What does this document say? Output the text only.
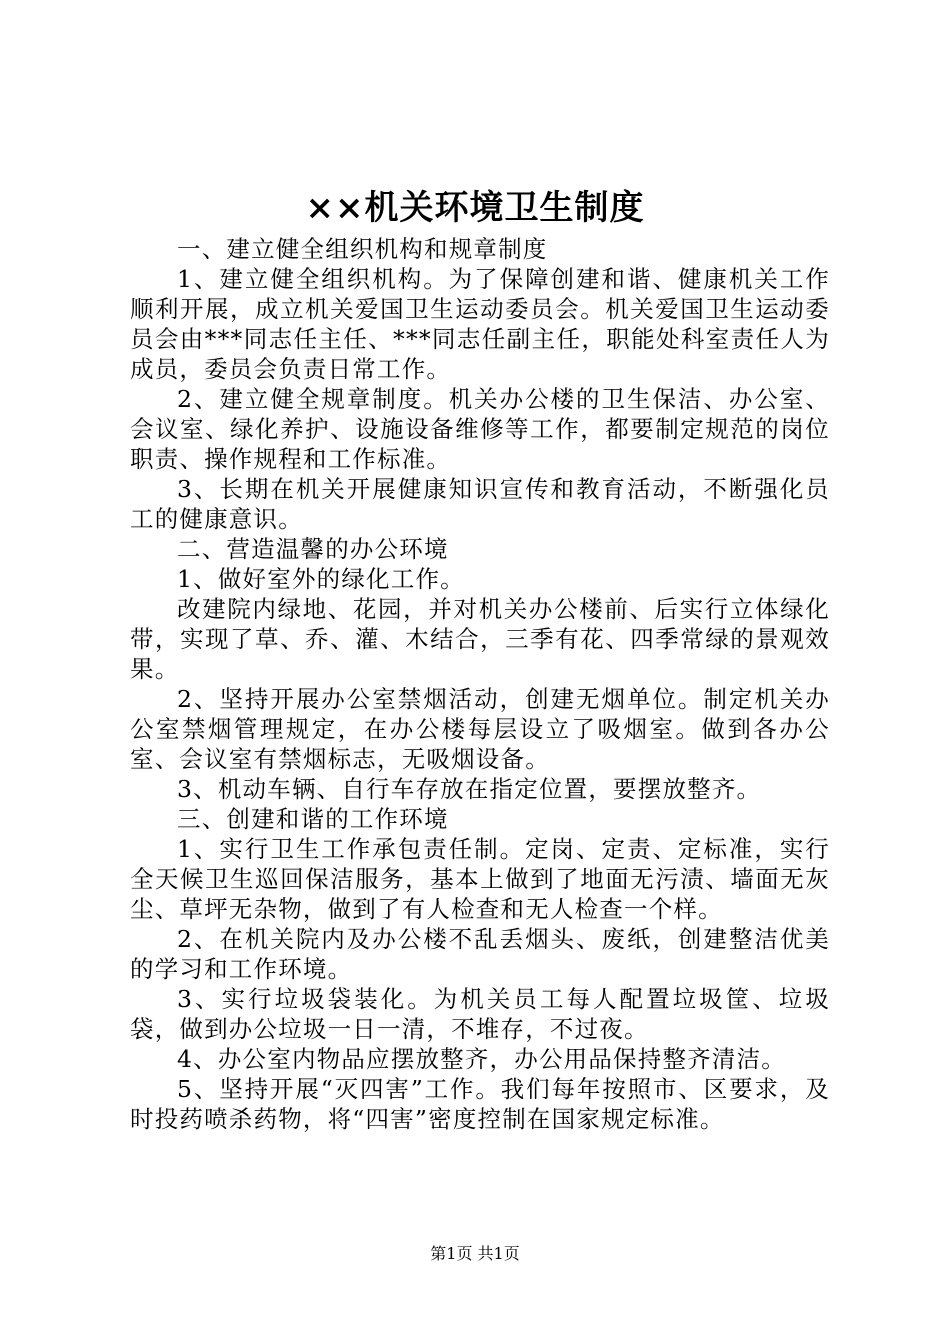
××机关环境卫生制度

一、建立健全组织机构和规章制度

1、建立健全组织机构。为了保障创建和谐、健康机关工作顺利开展，成立机关爱国卫生运动委员会。机关爱国卫生运动委员会由***同志任主任、***同志任副主任，职能处科室责任人为成员，委员会负责日常工作。

2、建立健全规章制度。机关办公楼的卫生保洁、办公室、会议室、绿化养护、设施设备维修等工作，都要制定规范的岗位职责、操作规程和工作标准。

3、长期在机关开展健康知识宣传和教育活动，不断强化员工的健康意识。

二、营造温馨的办公环境

1、做好室外的绿化工作。

改建院内绿地、花园，并对机关办公楼前、后实行立体绿化带，实现了草、乔、灌、木结合，三季有花、四季常绿的景观效果。

2、坚持开展办公室禁烟活动，创建无烟单位。制定机关办公室禁烟管理规定，在办公楼每层设立了吸烟室。做到各办公室、会议室有禁烟标志，无吸烟设备。

3、机动车辆、自行车存放在指定位置，要摆放整齐。

三、创建和谐的工作环境

1、实行卫生工作承包责任制。定岗、定责、定标准，实行全天候卫生巡回保洁服务，基本上做到了地面无污渍、墙面无灰尘、草坪无杂物，做到了有人检查和无人检查一个样。

2、在机关院内及办公楼不乱丢烟头、废纸，创建整洁优美的学习和工作环境。

3、实行垃圾袋装化。为机关员工每人配置垃圾筐、垃圾袋，做到办公垃圾一日一清，不堆存，不过夜。

4、办公室内物品应摆放整齐，办公用品保持整齐清洁。

5、坚持开展“灭四害”工作。我们每年按照市、区要求，及时投药喷杀药物，将“四害”密度控制在国家规定标准。

第1页 共1页
